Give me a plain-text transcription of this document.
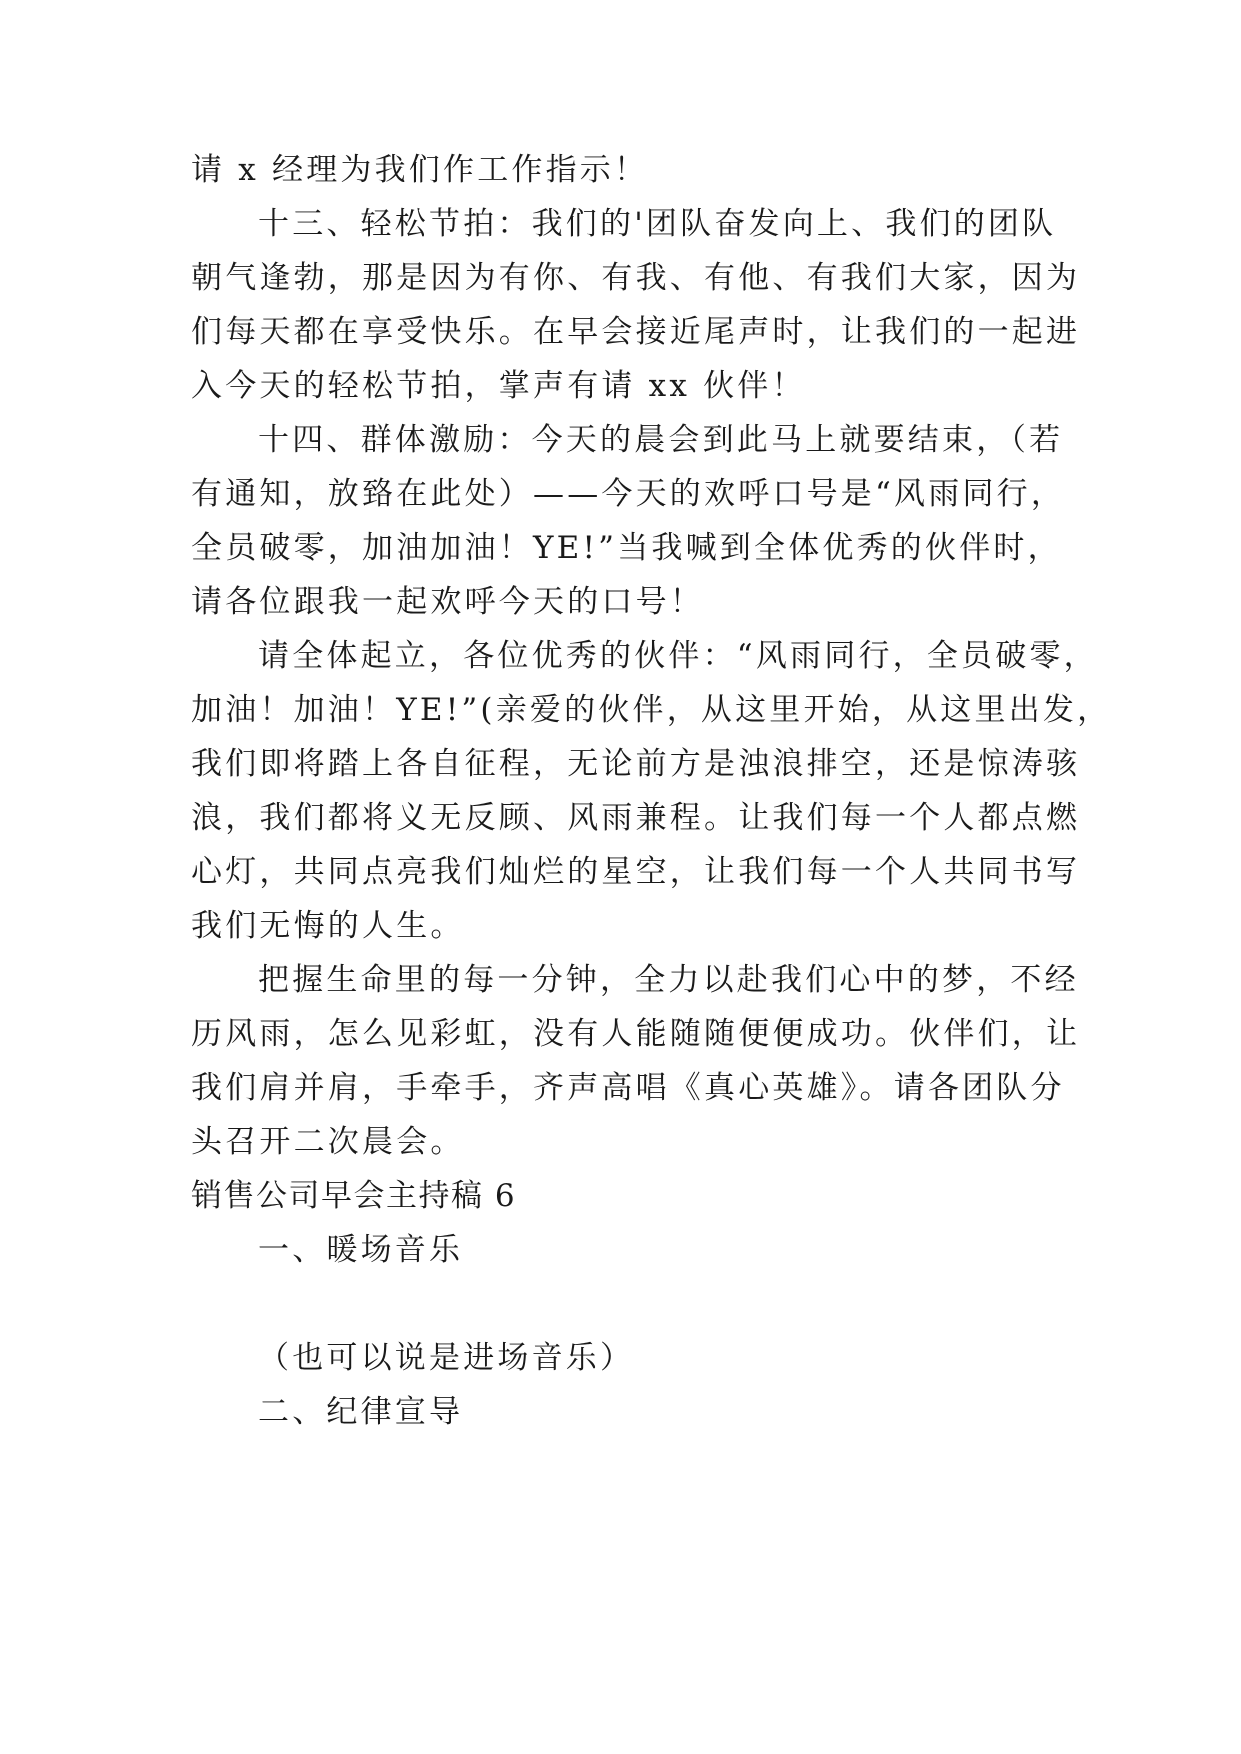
请 x 经理为我们作工作指示！
十三、轻松节拍：我们的'团队奋发向上、我们的团队
朝气逢勃，那是因为有你、有我、有他、有我们大家，因为
们每天都在享受快乐。在早会接近尾声时，让我们的一起进
入今天的轻松节拍，掌声有请 xx 伙伴！
十四、群体激励：今天的晨会到此马上就要结束，（若
有通知，放臵在此处）——今天的欢呼口号是“风雨同行，
全员破零，加油加油！YE!”当我喊到全体优秀的伙伴时，
请各位跟我一起欢呼今天的口号！
请全体起立，各位优秀的伙伴：“风雨同行，全员破零，
加油！加油！YE!”(亲爱的伙伴，从这里开始，从这里出发，
我们即将踏上各自征程，无论前方是浊浪排空，还是惊涛骇
浪，我们都将义无反顾、风雨兼程。让我们每一个人都点燃
心灯，共同点亮我们灿烂的星空，让我们每一个人共同书写
我们无悔的人生。
把握生命里的每一分钟，全力以赴我们心中的梦，不经
历风雨，怎么见彩虹，没有人能随随便便成功。伙伴们，让
我们肩并肩，手牵手，齐声高唱《真心英雄》。请各团队分
头召开二次晨会。
销售公司早会主持稿 6
一、暖场音乐
（也可以说是进场音乐）
二、纪律宣导
